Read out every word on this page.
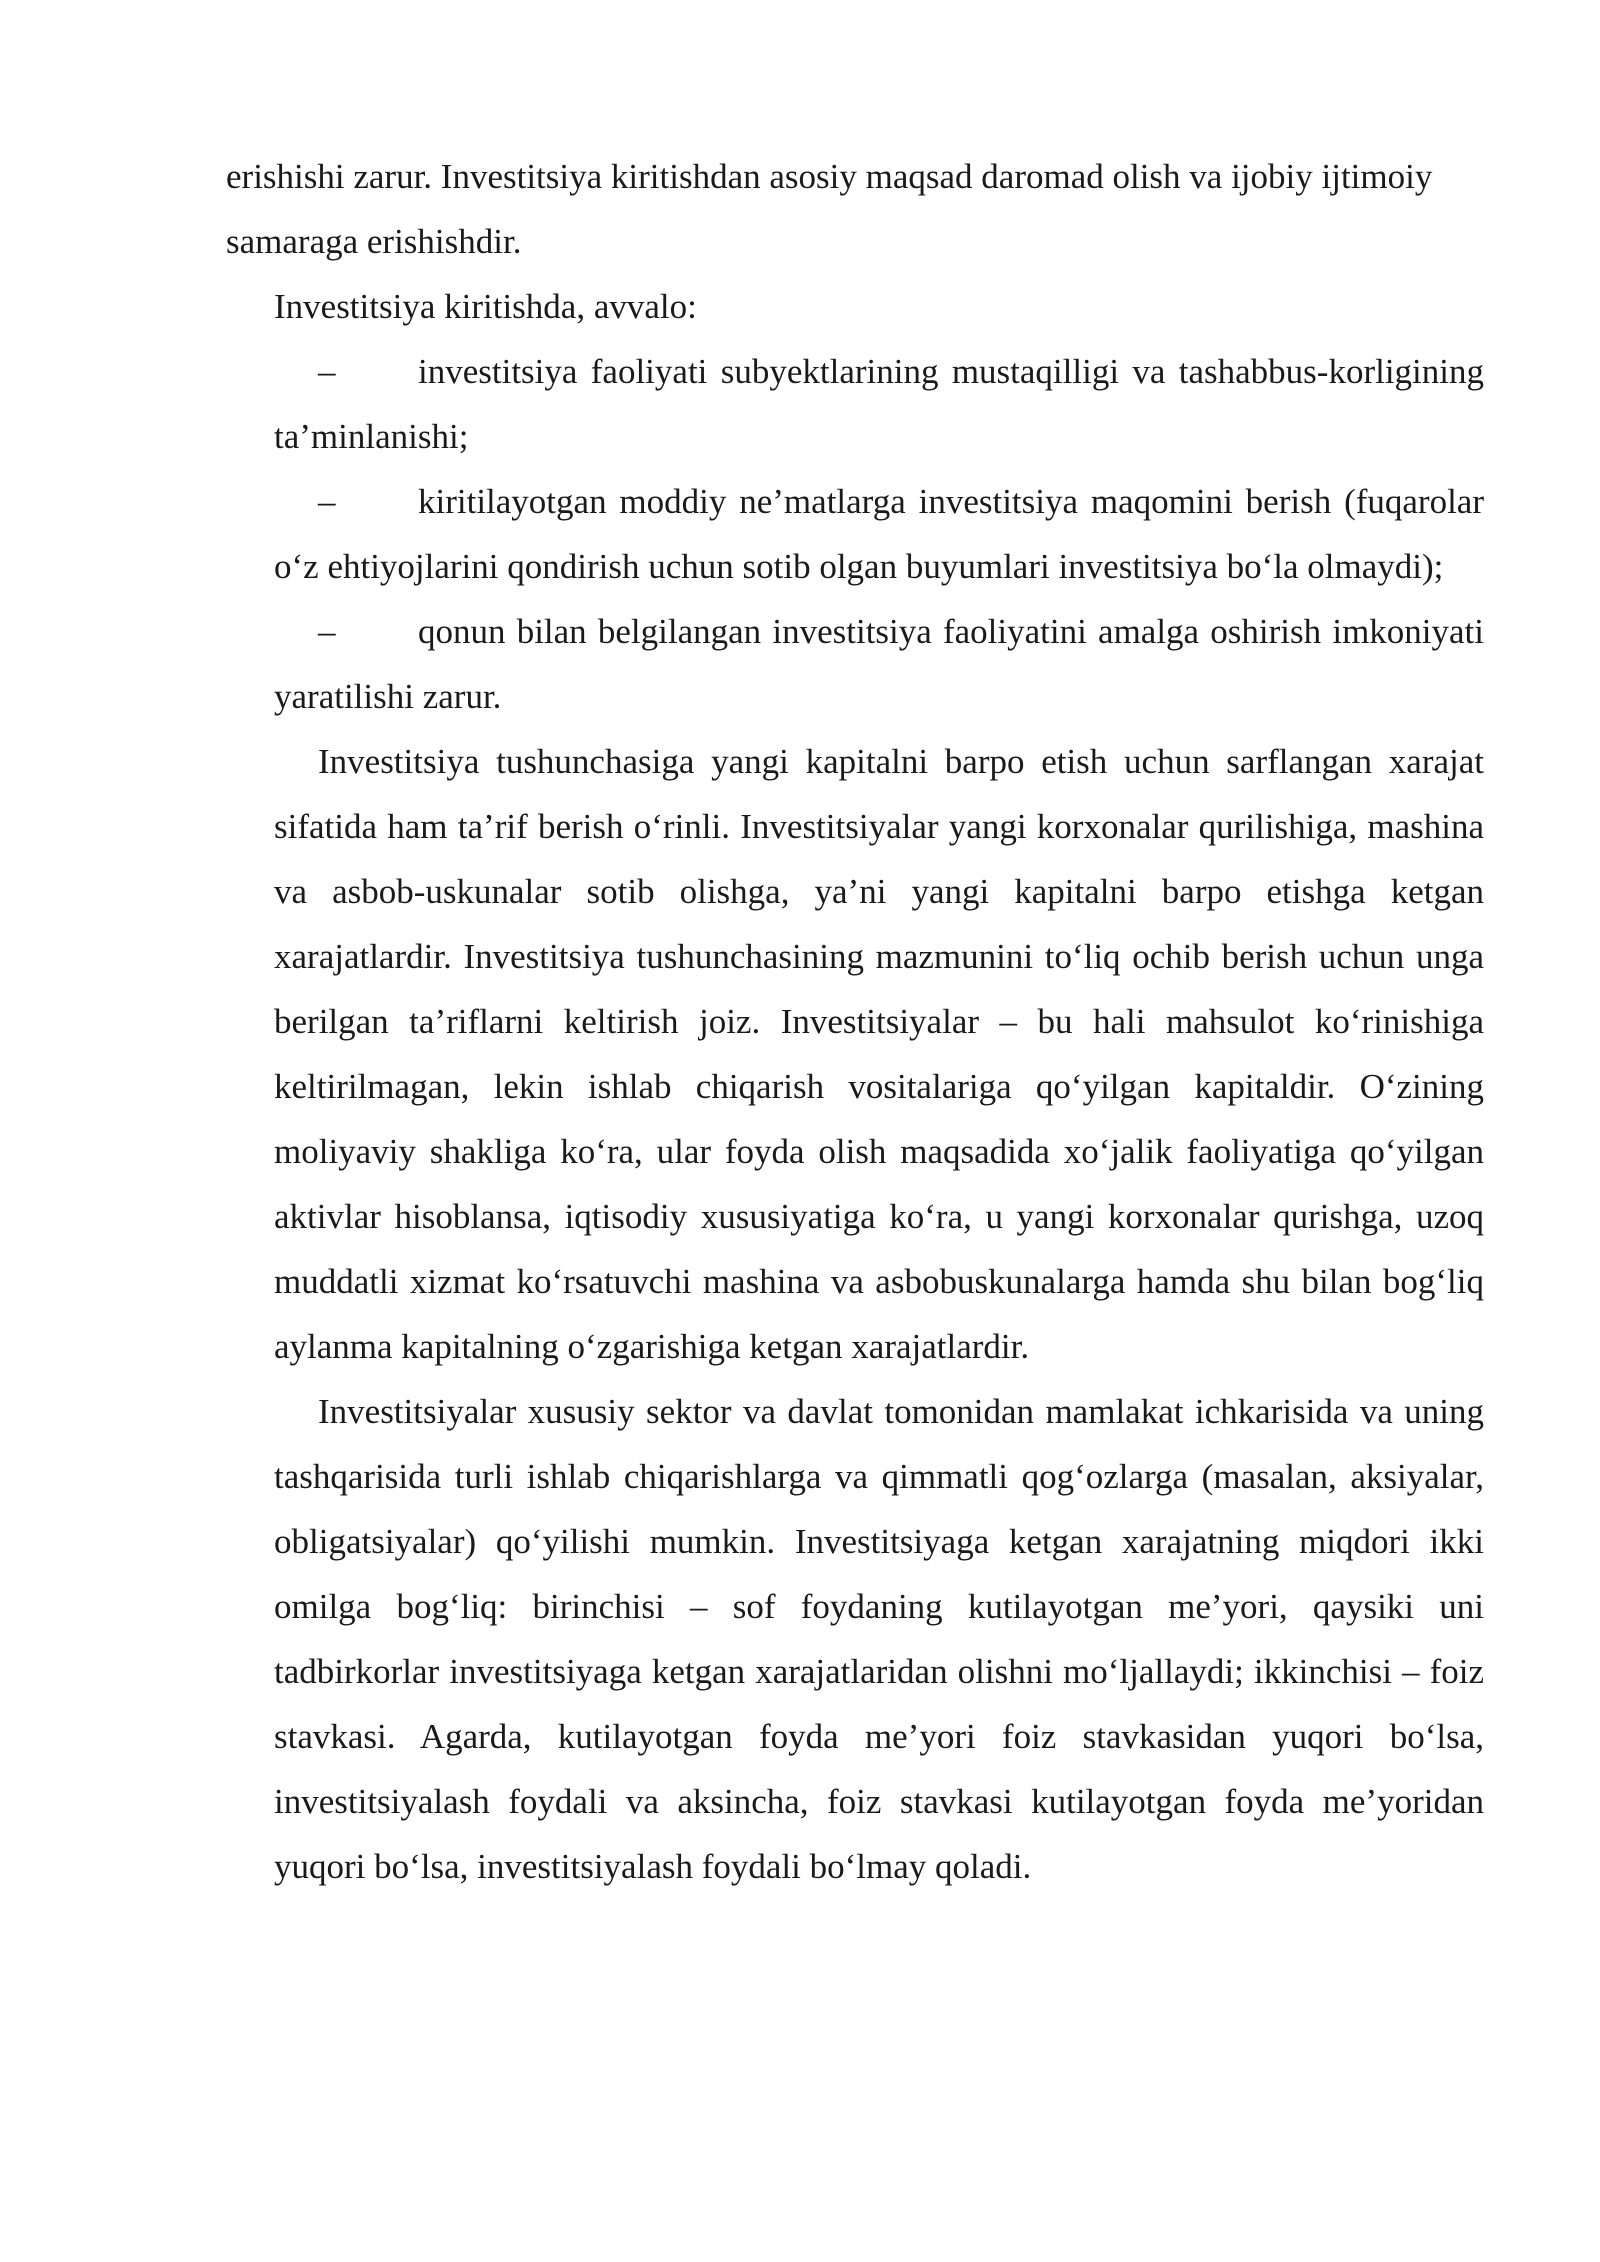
erishishi zarur. Investitsiya kiritishdan asosiy maqsad daromad olish va ijobiy ijtimoiy samaraga erishishdir.

Investitsiya kiritishda, avvalo:

– investitsiya faoliyati subyektlarining mustaqilligi va tashabbus-korligining ta’minlanishi;

– kiritilayotgan moddiy ne’matlarga investitsiya maqomini berish (fuqarolar o‘z ehtiyojlarini qondirish uchun sotib olgan buyumlari investitsiya bo‘la olmaydi);

– qonun bilan belgilangan investitsiya faoliyatini amalga oshirish imkoniyati yaratilishi zarur.

Investitsiya tushunchasiga yangi kapitalni barpo etish uchun sarflangan xarajat sifatida ham ta’rif berish o‘rinli. Investitsiyalar yangi korxonalar qurilishiga, mashina va asbob-uskunalar sotib olishga, ya’ni yangi kapitalni barpo etishga ketgan xarajatlardir. Investitsiya tushunchasining mazmunini to‘liq ochib berish uchun unga berilgan ta’riflarni keltirish joiz. Investitsiyalar – bu hali mahsulot ko‘rinishiga keltirilmagan, lekin ishlab chiqarish vositalariga qo‘yilgan kapitaldir. O‘zining moliyaviy shakliga ko‘ra, ular foyda olish maqsadida xo‘jalik faoliyatiga qo‘yilgan aktivlar hisoblansa, iqtisodiy xususiyatiga ko‘ra, u yangi korxonalar qurishga, uzoq muddatli xizmat ko‘rsatuvchi mashina va asbobuskunalarga hamda shu bilan bog‘liq aylanma kapitalning o‘zgarishiga ketgan xarajatlardir.

Investitsiyalar xususiy sektor va davlat tomonidan mamlakat ichkarisida va uning tashqarisida turli ishlab chiqarishlarga va qimmatli qog‘ozlarga (masalan, aksiyalar, obligatsiyalar) qo‘yilishi mumkin. Investitsiyaga ketgan xarajatning miqdori ikki omilga bog‘liq: birinchisi – sof foydaning kutilayotgan me’yori, qaysiki uni tadbirkorlar investitsiyaga ketgan xarajatlaridan olishni mo‘ljallaydi; ikkinchisi – foiz stavkasi. Agarda, kutilayotgan foyda me’yori foiz stavkasidan yuqori bo‘lsa, investitsiyalash foydali va aksincha, foiz stavkasi kutilayotgan foyda me’yoridan yuqori bo‘lsa, investitsiyalash foydali bo‘lmay qoladi.
